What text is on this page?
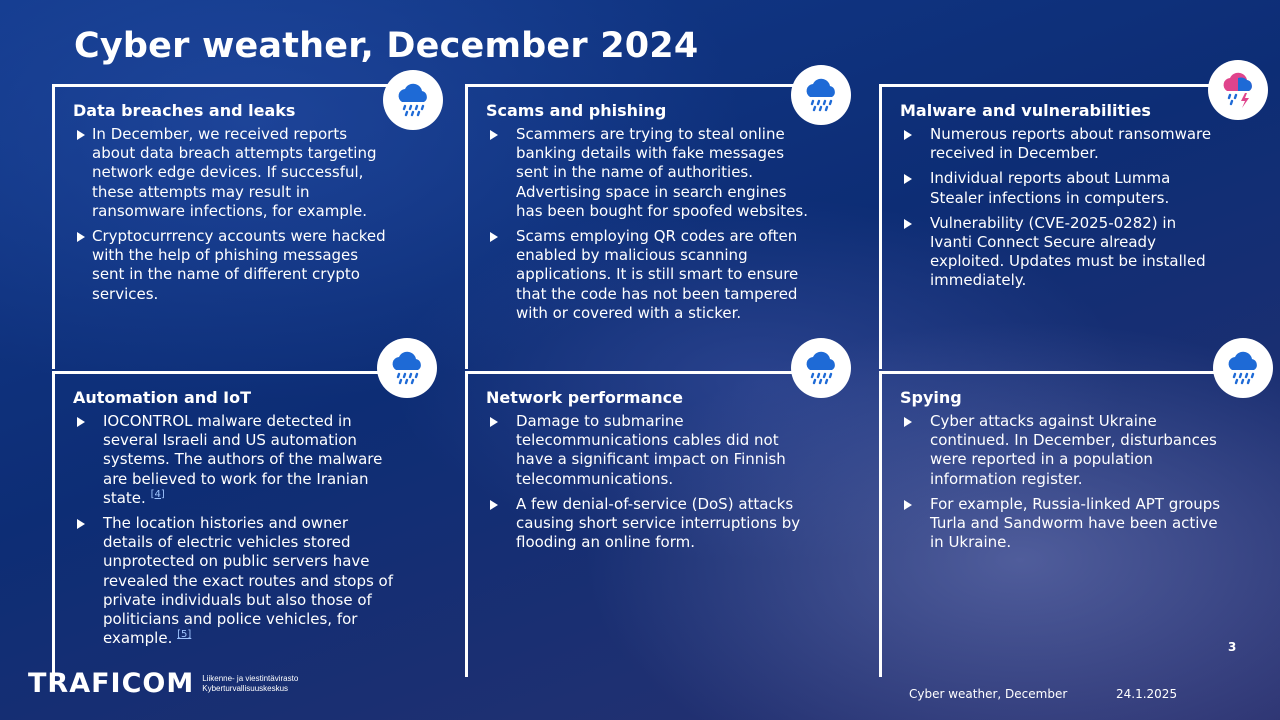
Cyber weather, December 2024
Data breaches and leaks
In December, we received reports about data breach attempts targeting network edge devices. If successful, these attempts may result in ransomware infections, for example.
Cryptocurrrency accounts were hacked with the help of phishing messages sent in the name of different crypto services.
Scams and phishing
Scammers are trying to steal online banking details with fake messages sent in the name of authorities. Advertising space in search engines has been bought for spoofed websites.
Scams employing QR codes are often enabled by malicious scanning applications. It is still smart to ensure that the code has not been tampered with or covered with a sticker.
Malware and vulnerabilities
Numerous reports about ransomware received in December.
Individual reports about Lumma Stealer infections in computers.
Vulnerability (CVE-2025-0282) in Ivanti Connect Secure already exploited. Updates must be installed immediately.
Automation and IoT
IOCONTROL malware detected in several Israeli and US automation systems. The authors of the malware are believed to work for the Iranian state. [4]
The location histories and owner details of electric vehicles stored unprotected on public servers have revealed the exact routes and stops of private individuals but also those of politicians and police vehicles, for example. [5]
Network performance
Damage to submarine telecommunications cables did not have a significant impact on Finnish telecommunications.
A few denial-of-service (DoS) attacks causing short service interruptions by flooding an online form.
Spying
Cyber attacks against Ukraine continued. In December, disturbances were reported in a population information register.
For example, Russia-linked APT groups Turla and Sandworm have been active in Ukraine.
TRAFICOM Liikenne- ja viestintävirasto
Kyberturvallisuuskeskus
3
Cyber weather, December	24.1.2025
